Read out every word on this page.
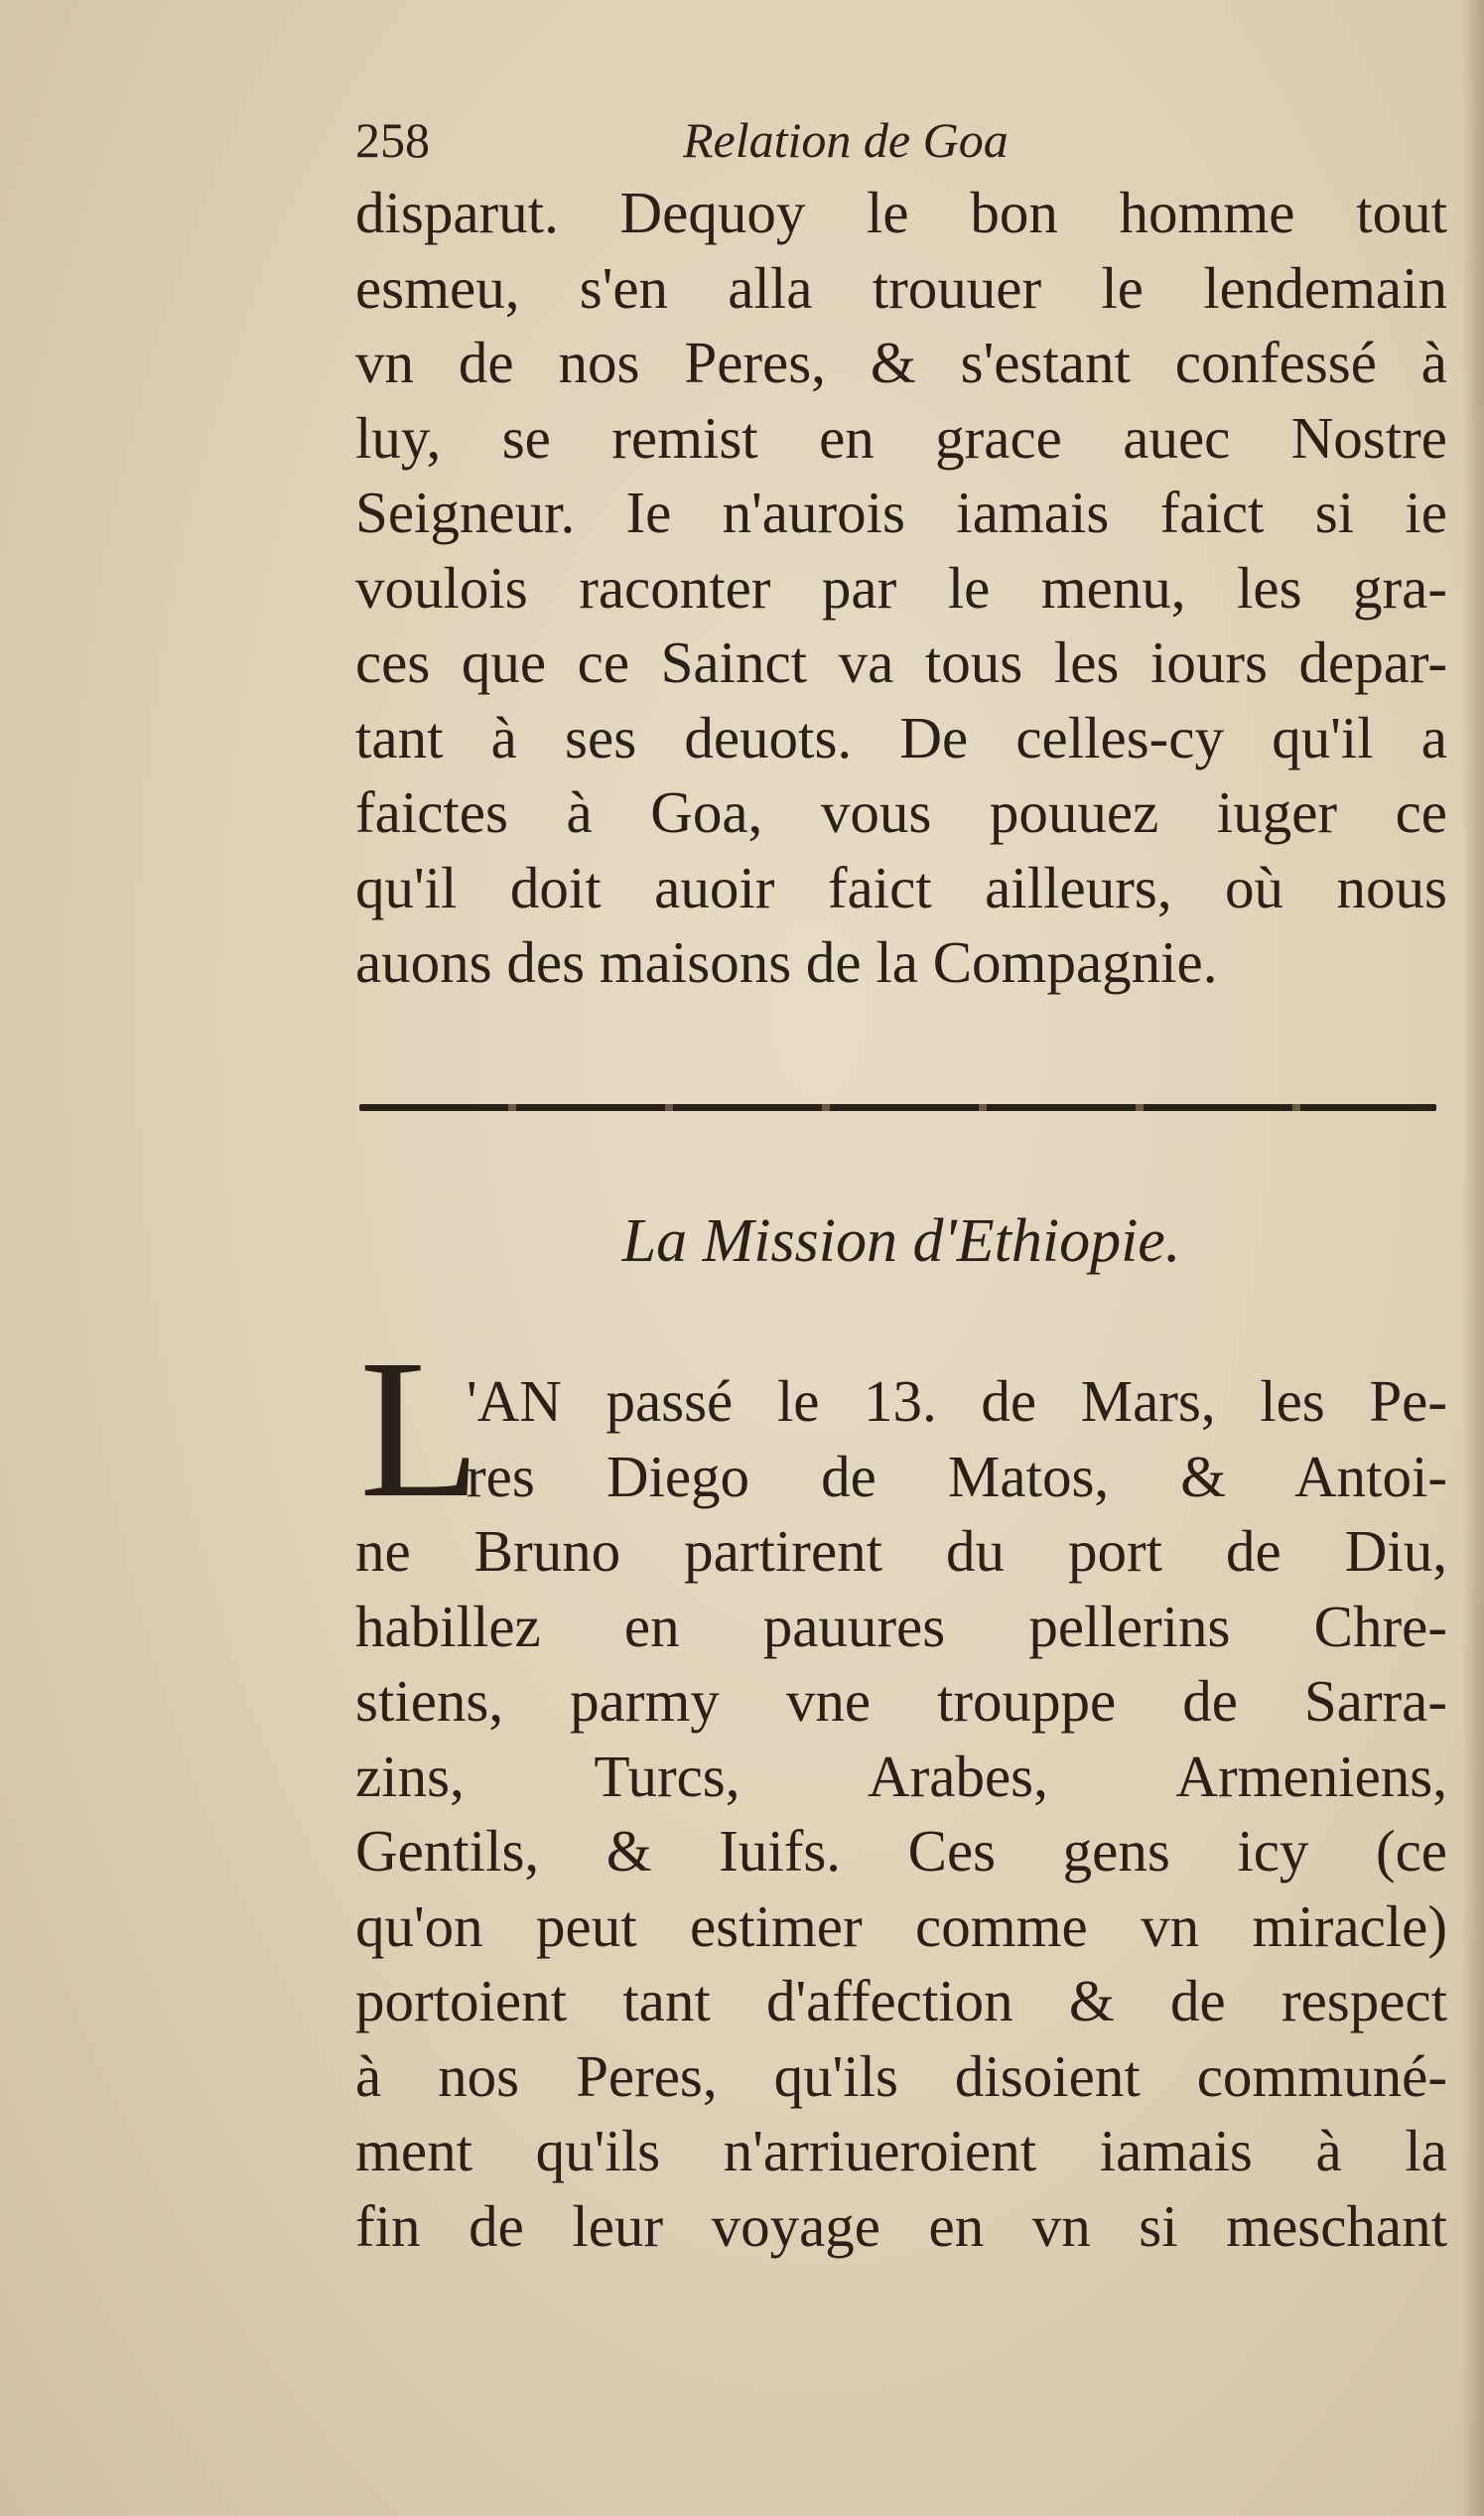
258	Relation de Goa
disparut. Dequoy le bon homme tout
esmeu, s'en alla trouuer le lendemain
vn de nos Peres, & s'estant confessé à
luy, se remist en grace auec Nostre
Seigneur. Ie n'aurois iamais faict si ie
voulois raconter par le menu, les gra-
ces que ce Sainct va tous les iours depar-
tant à ses deuots. De celles-cy qu'il a
faictes à Goa, vous pouuez iuger ce
qu'il doit auoir faict ailleurs, où nous
auons des maisons de la Compagnie.
La Mission d'Ethiopie.
L
'AN passé le 13. de Mars, les Pe-
res Diego de Matos, & Antoi-
ne Bruno partirent du port de Diu,
habillez en pauures pellerins Chre-
stiens, parmy vne trouppe de Sarra-
zins, Turcs, Arabes, Armeniens,
Gentils, & Iuifs. Ces gens icy (ce
qu'on peut estimer comme vn miracle)
portoient tant d'affection & de respect
à nos Peres, qu'ils disoient communé-
ment qu'ils n'arriueroient iamais à la
fin de leur voyage en vn si meschant
